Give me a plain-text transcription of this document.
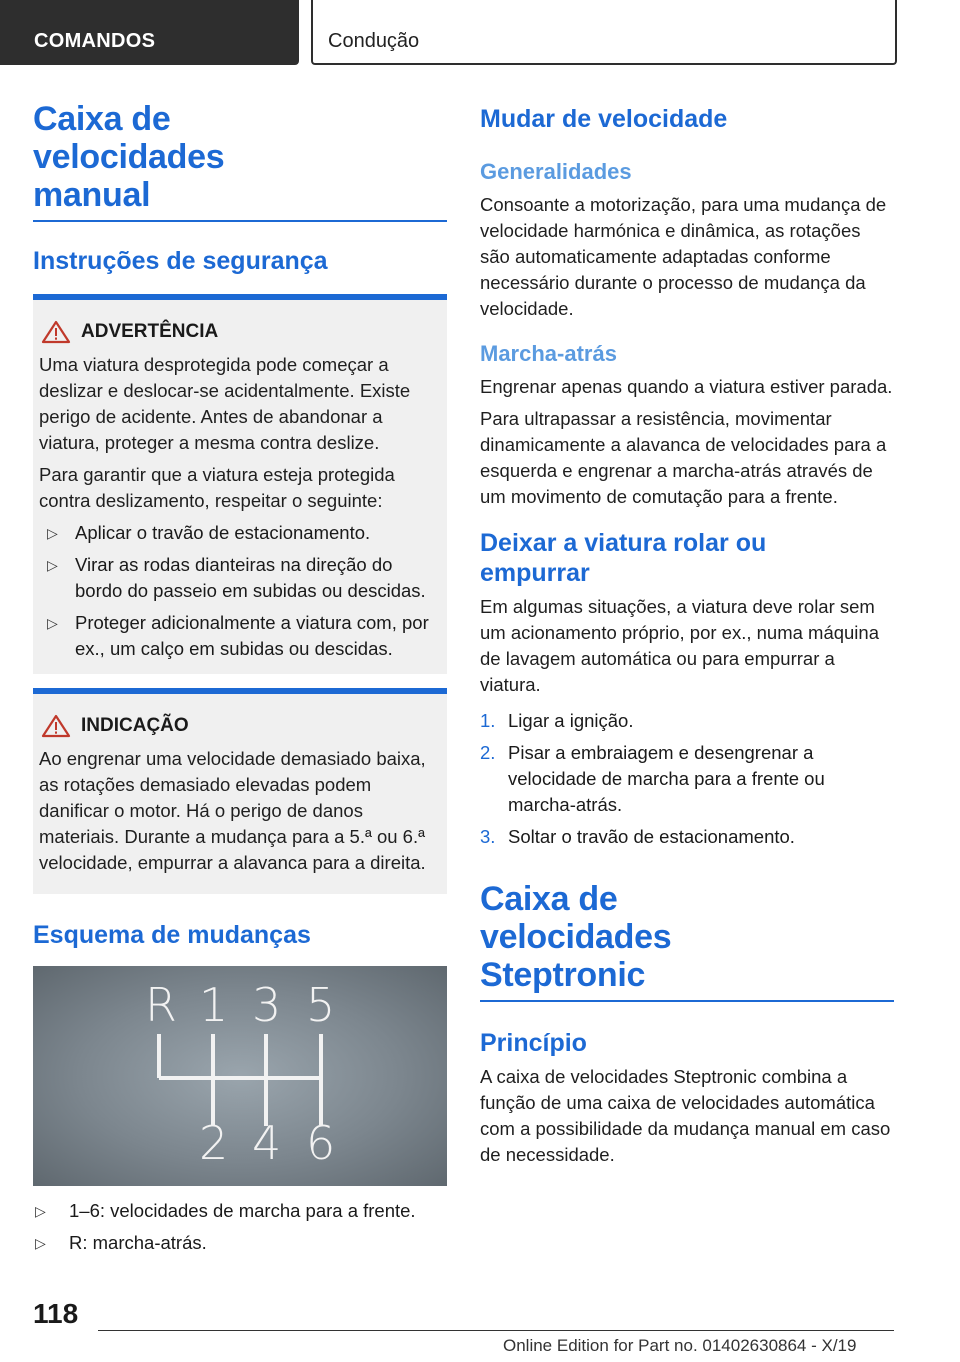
COMANDOS	Condução
Caixa de velocidades manual
Instruções de segurança
ADVERTÊNCIA

Uma viatura desprotegida pode começar a deslizar e deslocar-se acidentalmente. Existe perigo de acidente. Antes de abandonar a viatura, proteger a mesma contra deslize.

Para garantir que a viatura esteja protegida contra deslizamento, respeitar o seguinte:

▷ Aplicar o travão de estacionamento.
▷ Virar as rodas dianteiras na direção do bordo do passeio em subidas ou descidas.
▷ Proteger adicionalmente a viatura com, por ex., um calço em subidas ou descidas.
INDICAÇÃO

Ao engrenar uma velocidade demasiado baixa, as rotações demasiado elevadas podem danificar o motor. Há o perigo de danos materiais. Durante a mudança para a 5.ª ou 6.ª velocidade, empurrar a alavanca para a direita.

Esquema de mudanças
R 1 3 5
2 4 6
▷	1–6: velocidades de marcha para a frente.
▷	R: marcha-atrás.
Mudar de velocidade
Generalidades

Consoante a motorização, para uma mudança de velocidade harmónica e dinâmica, as rotações são automaticamente adaptadas conforme necessário durante o processo de mudança da velocidade.

Marcha-atrás

Engrenar apenas quando a viatura estiver parada.

Para ultrapassar a resistência, movimentar dinamicamente a alavanca de velocidades para a esquerda e engrenar a marcha-atrás através de um movimento de comutação para a frente.

Deixar a viatura rolar ou empurrar

Em algumas situações, a viatura deve rolar sem um acionamento próprio, por ex., numa máquina de lavagem automática ou para empurrar a viatura.

1. Ligar a ignição.
2. Pisar a embraiagem e desengrenar a velocidade de marcha para a frente ou marcha-atrás.
3. Soltar o travão de estacionamento.
Caixa de velocidades Steptronic
Princípio

A caixa de velocidades Steptronic combina a função de uma caixa de velocidades automática com a possibilidade da mudança manual em caso de necessidade.

118
Online Edition for Part no. 01402630864 - X/19
